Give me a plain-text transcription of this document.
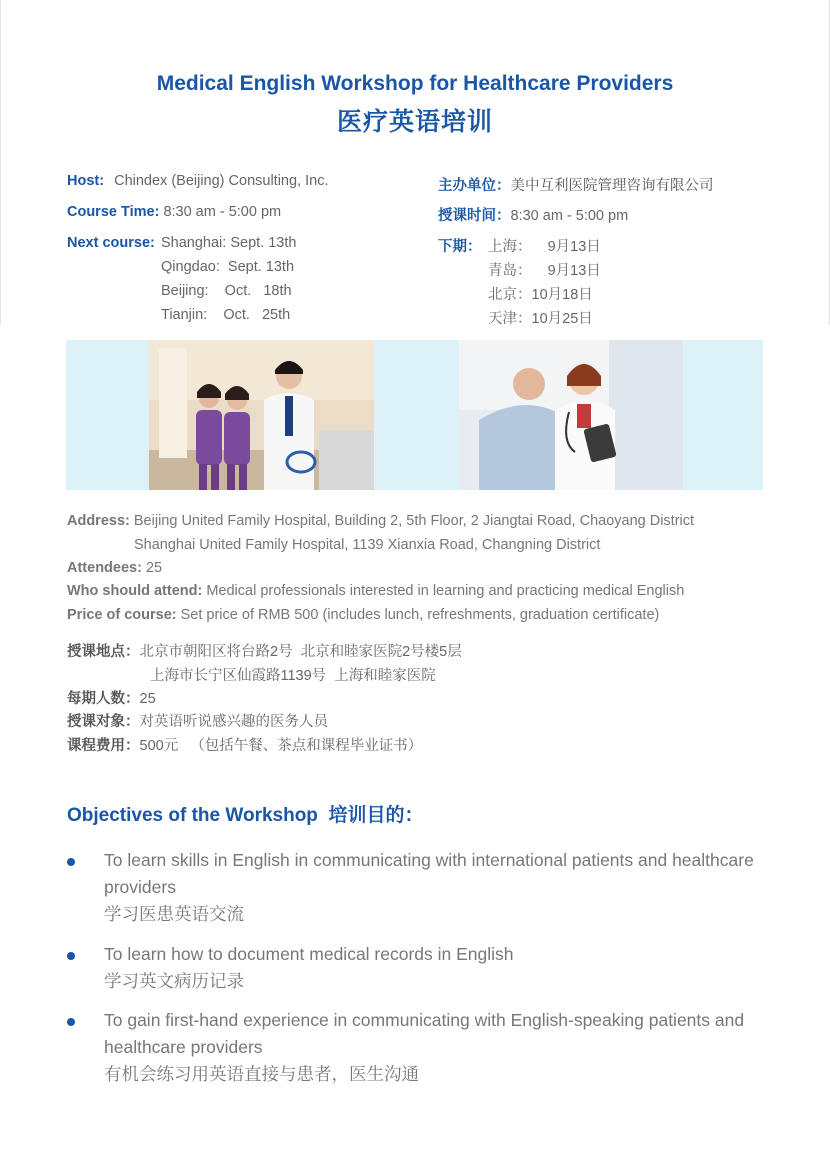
Medical English Workshop for Healthcare Providers
医疗英语培训
Host: Chindex (Beijing) Consulting, Inc.
Course Time: 8:30 am - 5:00 pm
Next course: Shanghai: Sept. 13th
Qingdao:  Sept. 13th
Beijing:    Oct.   18th
Tianjin:    Oct.   25th
主办单位：美中互利医院管理咨询有限公司
授课时间：8:30 am - 5:00 pm
下期： 上海：    9月13日
青岛：    9月13日
北京：10月18日
天津：10月25日
Address: Beijing United Family Hospital, Building 2, 5th Floor, 2 Jiangtai Road, Chaoyang District
Shanghai United Family Hospital, 1139 Xianxia Road, Changning District
Attendees: 25
Who should attend: Medical professionals interested in learning and practicing medical English
Price of course: Set price of RMB 500 (includes lunch, refreshments, graduation certificate)
授课地点：北京市朝阳区将台路2号  北京和睦家医院2号楼5层
上海市长宁区仙霞路1139号  上海和睦家医院
每期人数：25
授课对象：对英语听说感兴趣的医务人员
课程费用：500元   （包括午餐、茶点和课程毕业证书）
Objectives of the Workshop  培训目的：
To learn skills in English in communicating with international patients and healthcare providers
学习医患英语交流
To learn how to document medical records in English
学习英文病历记录
To gain first-hand experience in communicating with English-speaking patients and healthcare providers
有机会练习用英语直接与患者，医生沟通
